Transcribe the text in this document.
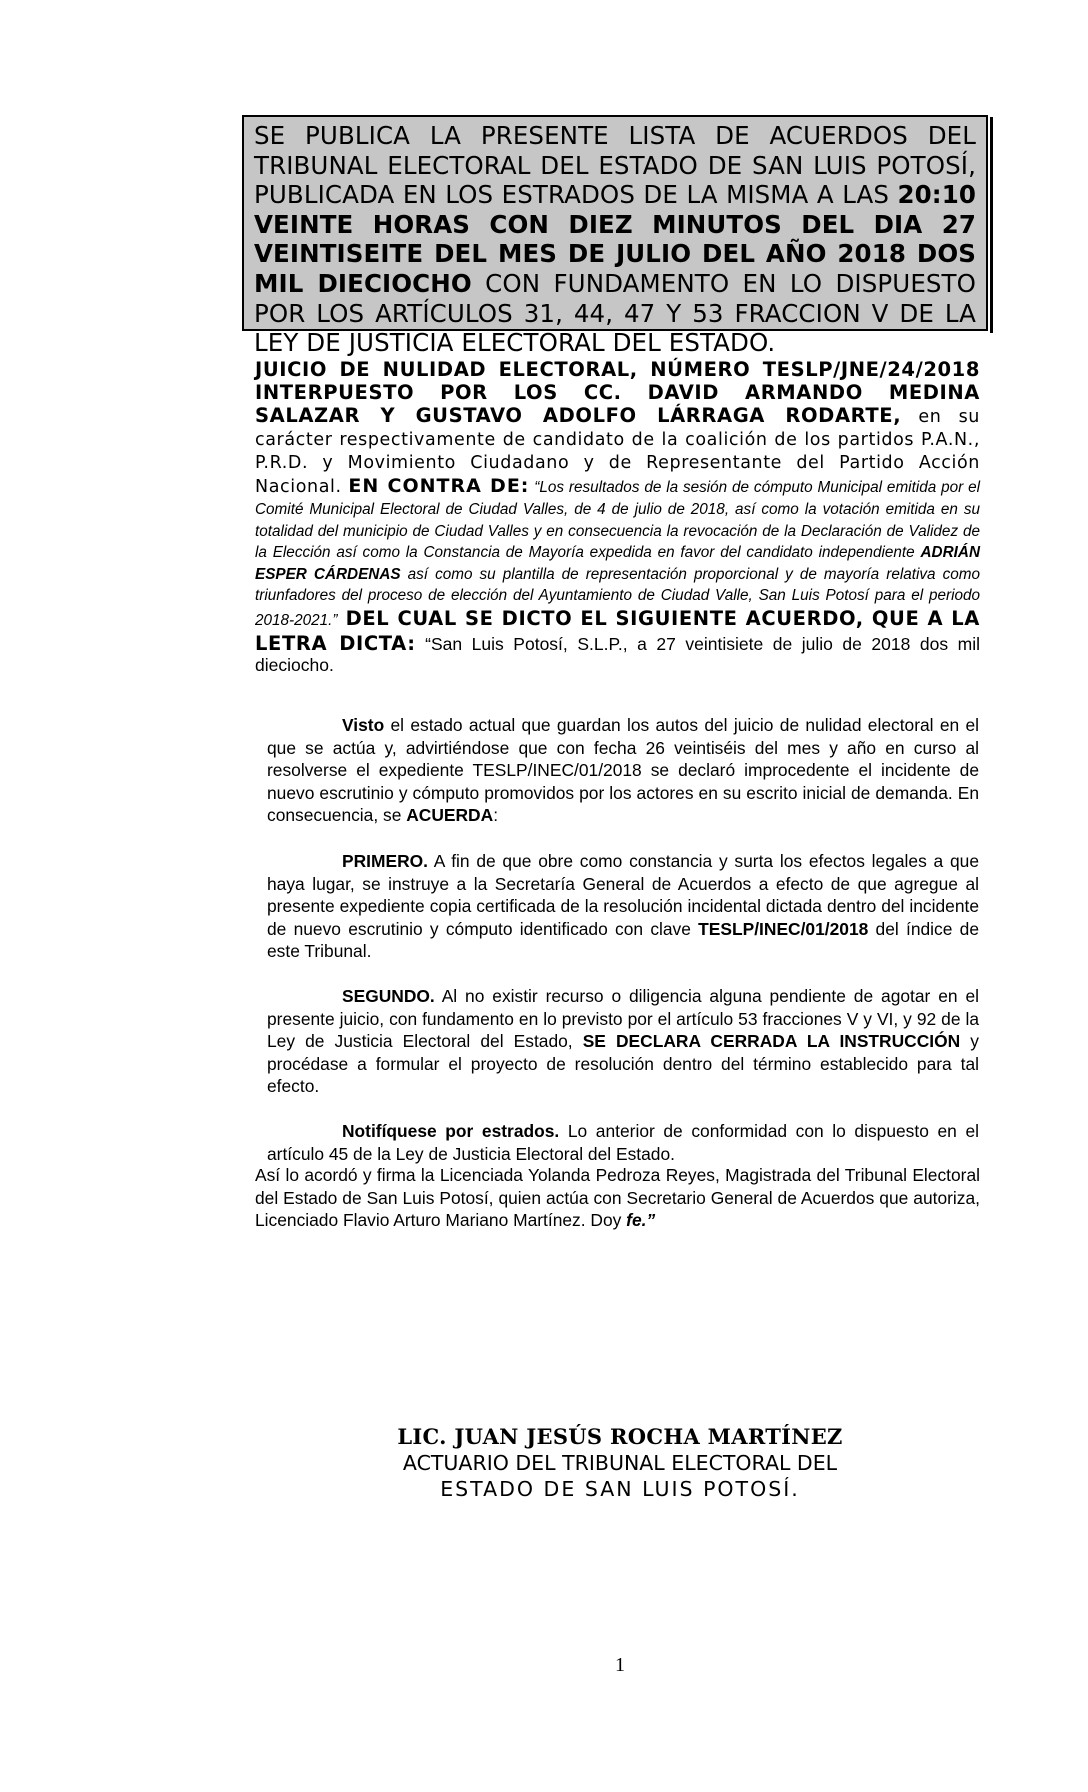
SE PUBLICA LA PRESENTE LISTA DE ACUERDOS DEL TRIBUNAL ELECTORAL DEL ESTADO DE SAN LUIS POTOSÍ, PUBLICADA EN LOS ESTRADOS DE LA MISMA A LAS 20:10 VEINTE HORAS CON DIEZ MINUTOS DEL DIA 27 VEINTISEITE DEL MES DE JULIO DEL AÑO 2018 DOS MIL DIECIOCHO CON FUNDAMENTO EN LO DISPUESTO POR LOS ARTÍCULOS 31, 44, 47 Y 53 FRACCION V DE LA LEY DE JUSTICIA ELECTORAL DEL ESTADO.
JUICIO DE NULIDAD ELECTORAL, NÚMERO TESLP/JNE/24/2018 INTERPUESTO POR LOS CC. DAVID ARMANDO MEDINA SALAZAR Y GUSTAVO ADOLFO LÁRRAGA RODARTE, en su carácter respectivamente de candidato de la coalición de los partidos P.A.N., P.R.D. y Movimiento Ciudadano y de Representante del Partido Acción Nacional. EN CONTRA DE: “Los resultados de la sesión de cómputo Municipal emitida por el Comité Municipal Electoral de Ciudad Valles, de 4 de julio de 2018, así como la votación emitida en su totalidad del municipio de Ciudad Valles y en consecuencia la revocación de la Declaración de Validez de la Elección así como la Constancia de Mayoría expedida en favor del candidato independiente ADRIÁN ESPER CÁRDENAS así como su plantilla de representación proporcional y de mayoría relativa como triunfadores del proceso de elección del Ayuntamiento de Ciudad Valle, San Luis Potosí para el periodo 2018-2021.” DEL CUAL SE DICTO EL SIGUIENTE ACUERDO, QUE A LA LETRA DICTA: “San Luis Potosí, S.L.P., a 27 veintisiete de julio de 2018 dos mil dieciocho.
Visto el estado actual que guardan los autos del juicio de nulidad electoral en el que se actúa y, advirtiéndose que con fecha 26 veintiséis del mes y año en curso al resolverse el expediente TESLP/INEC/01/2018 se declaró improcedente el incidente de nuevo escrutinio y cómputo promovidos por los actores en su escrito inicial de demanda. En consecuencia, se ACUERDA:
PRIMERO. A fin de que obre como constancia y surta los efectos legales a que haya lugar, se instruye a la Secretaría General de Acuerdos a efecto de que agregue al presente expediente copia certificada de la resolución incidental dictada dentro del incidente de nuevo escrutinio y cómputo identificado con clave TESLP/INEC/01/2018 del índice de este Tribunal.
SEGUNDO. Al no existir recurso o diligencia alguna pendiente de agotar en el presente juicio, con fundamento en lo previsto por el artículo 53 fracciones V y VI, y 92 de la Ley de Justicia Electoral del Estado, SE DECLARA CERRADA LA INSTRUCCIÓN y procédase a formular el proyecto de resolución dentro del término establecido para tal efecto.
Notifíquese por estrados. Lo anterior de conformidad con lo dispuesto en el artículo 45 de la Ley de Justicia Electoral del Estado.
Así lo acordó y firma la Licenciada Yolanda Pedroza Reyes, Magistrada del Tribunal Electoral del Estado de San Luis Potosí, quien actúa con Secretario General de Acuerdos que autoriza, Licenciado Flavio Arturo Mariano Martínez. Doy fe.”
LIC. JUAN JESÚS ROCHA MARTÍNEZ
ACTUARIO DEL TRIBUNAL ELECTORAL DEL
ESTADO DE SAN LUIS POTOSÍ.
1
